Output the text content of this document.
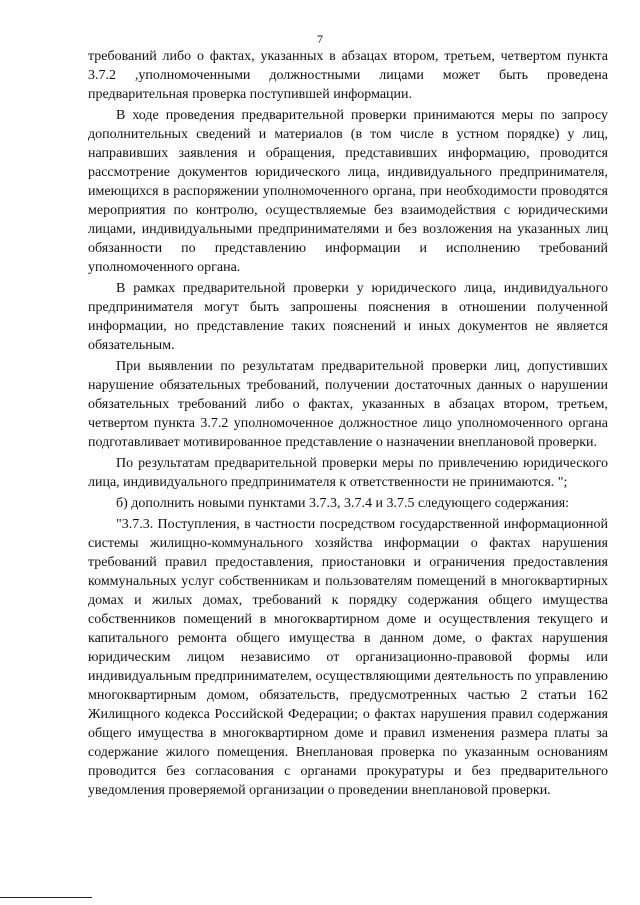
7

требований либо о фактах, указанных в абзацах втором, третьем, четвертом пункта 3.7.2 ,уполномоченными должностными лицами может быть проведена предварительная проверка поступившей информации.

В ходе проведения предварительной проверки принимаются меры по запросу дополнительных сведений и материалов (в том числе в устном порядке) у лиц, направивших заявления и обращения, представивших информацию, проводится рассмотрение документов юридического лица, индивидуального предпринимателя, имеющихся в распоряжении уполномоченного органа, при необходимости проводятся мероприятия по контролю, осуществляемые без взаимодействия с юридическими лицами, индивидуальными предпринимателями и без возложения на указанных лиц обязанности по представлению информации и исполнению требований уполномоченного органа.

В рамках предварительной проверки у юридического лица, индивидуального предпринимателя могут быть запрошены пояснения в отношении полученной информации, но представление таких пояснений и иных документов не является обязательным.

При выявлении по результатам предварительной проверки лиц, допустивших нарушение обязательных требований, получении достаточных данных о нарушении обязательных требований либо о фактах, указанных в абзацах втором, третьем, четвертом пункта 3.7.2 уполномоченное должностное лицо уполномоченного органа подготавливает мотивированное представление о назначении внеплановой проверки.

По результатам предварительной проверки меры по привлечению юридического лица, индивидуального предпринимателя к ответственности не принимаются. ";

б) дополнить новыми пунктами 3.7.3, 3.7.4 и 3.7.5 следующего содержания:

"3.7.3. Поступления, в частности посредством государственной информационной системы жилищно-коммунального хозяйства информации о фактах нарушения требований правил предоставления, приостановки и ограничения предоставления коммунальных услуг собственникам и пользователям помещений в многоквартирных домах и жилых домах, требований к порядку содержания общего имущества собственников помещений в многоквартирном доме и осуществления текущего и капитального ремонта общего имущества в данном доме, о фактах нарушения юридическим лицом независимо от организационно-правовой формы или индивидуальным предпринимателем, осуществляющими деятельность по управлению многоквартирным домом, обязательств, предусмотренных частью 2 статьи 162 Жилищного кодекса Российской Федерации; о фактах нарушения правил содержания общего имущества в многоквартирном доме и правил изменения размера платы за содержание жилого помещения. Внеплановая проверка по указанным основаниям проводится без согласования с органами прокуратуры и без предварительного уведомления проверяемой организации о проведении внеплановой проверки.
